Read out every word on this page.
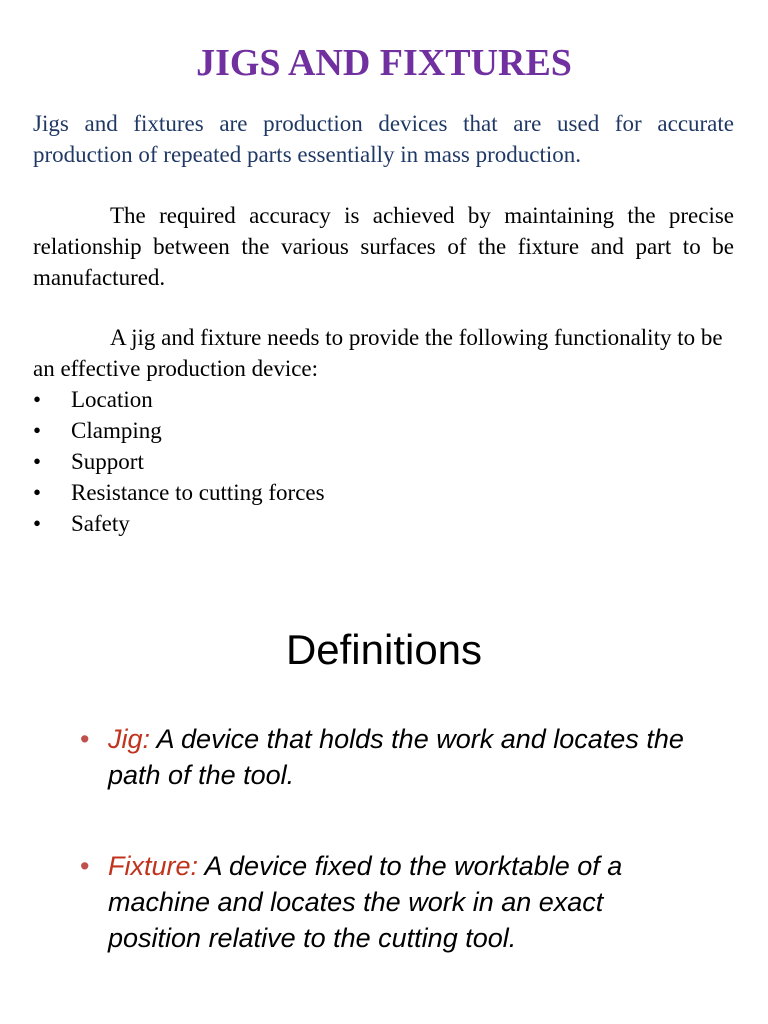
JIGS AND FIXTURES

Jigs and fixtures are production devices that are used for accurate production of repeated parts essentially in mass production.

The required accuracy is achieved by maintaining the precise relationship between the various surfaces of the fixture and part to be manufactured.

A jig and fixture needs to provide the following functionality to be an effective production device:

• Location
• Clamping
• Support
• Resistance to cutting forces
• Safety
Definitions

• Jig: A device that holds the work and locates the path of the tool.

• Fixture: A device fixed to the worktable of a machine and locates the work in an exact position relative to the cutting tool.
